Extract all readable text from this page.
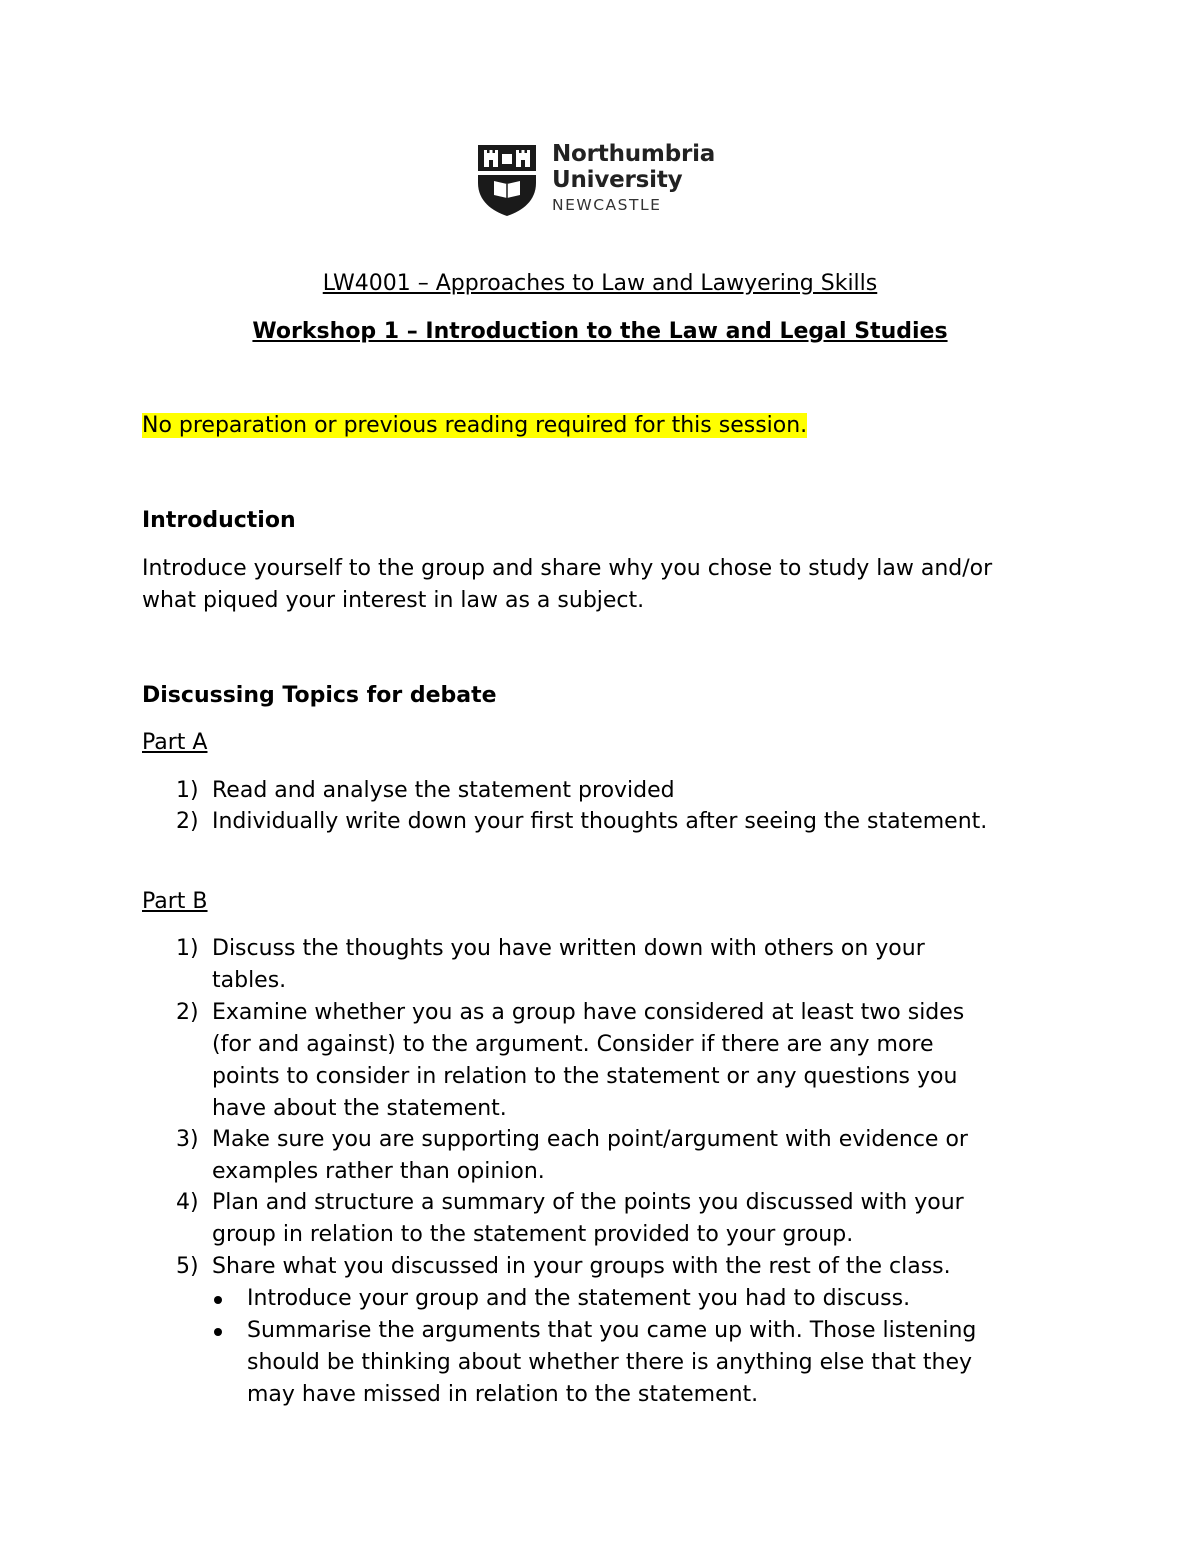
Northumbria
University
NEWCASTLE
LW4001 – Approaches to Law and Lawyering Skills
Workshop 1 – Introduction to the Law and Legal Studies
No preparation or previous reading required for this session.
Introduction
Introduce yourself to the group and share why you chose to study law and/or
what piqued your interest in law as a subject.
Discussing Topics for debate
Part A
1) Read and analyse the statement provided
2) Individually write down your first thoughts after seeing the statement.
Part B
1) Discuss the thoughts you have written down with others on your
tables.
2) Examine whether you as a group have considered at least two sides
(for and against) to the argument. Consider if there are any more
points to consider in relation to the statement or any questions you
have about the statement.
3) Make sure you are supporting each point/argument with evidence or
examples rather than opinion.
4) Plan and structure a summary of the points you discussed with your
group in relation to the statement provided to your group.
5) Share what you discussed in your groups with the rest of the class.
Introduce your group and the statement you had to discuss.
Summarise the arguments that you came up with. Those listening
should be thinking about whether there is anything else that they
may have missed in relation to the statement.
